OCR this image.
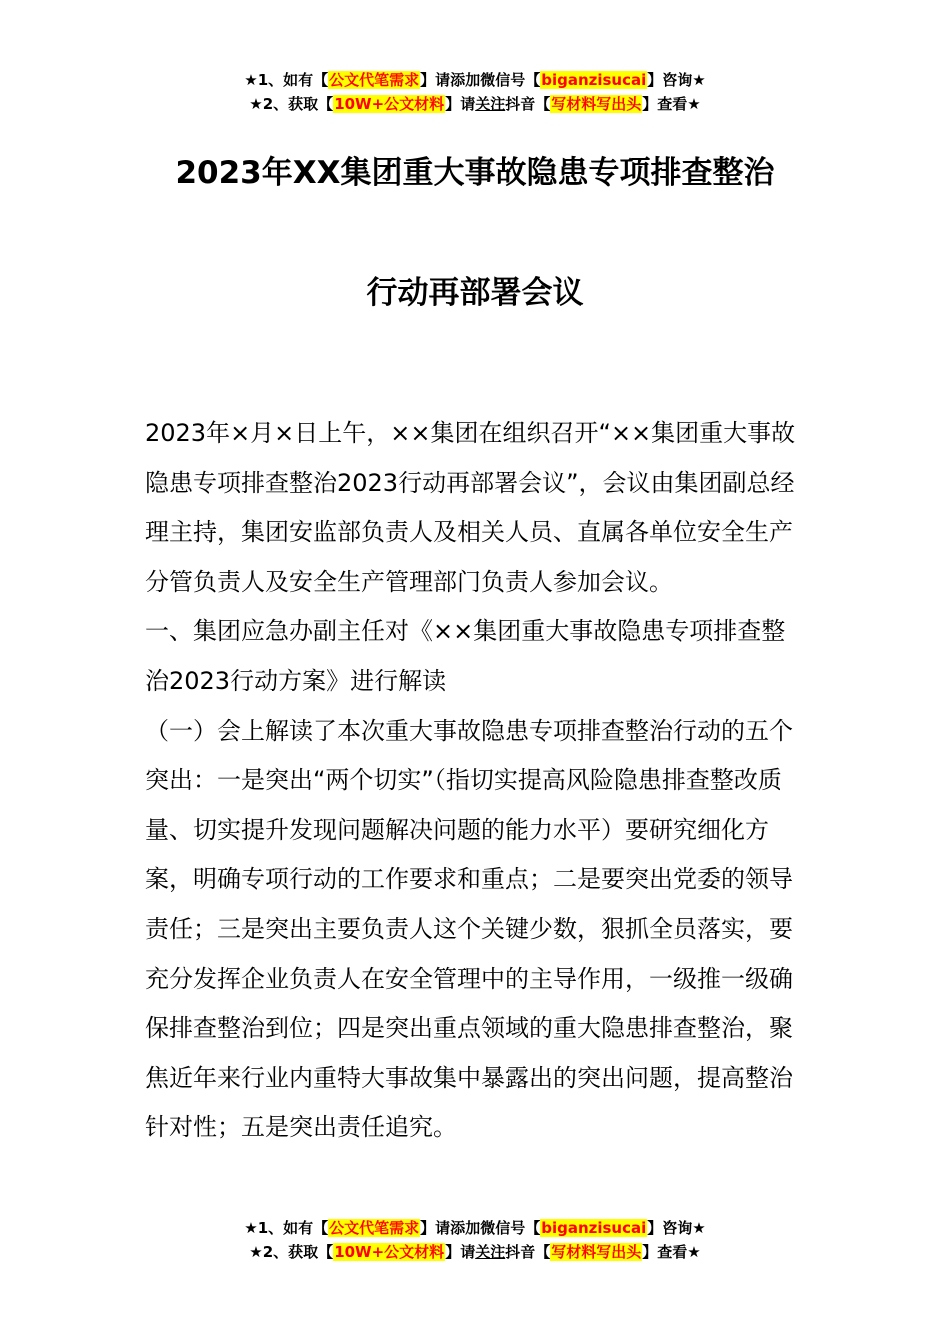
★1、如有【公文代笔需求】请添加微信号【biganzisucai】咨询★
★2、获取【10W+公文材料】请关注抖音【写材料写出头】查看★
2023年XX集团重大事故隐患专项排查整治
行动再部署会议

2023年×月×日上午，××集团在组织召开“××集团重大事故隐患专项排查整治2023行动再部署会议”，会议由集团副总经理主持，集团安监部负责人及相关人员、直属各单位安全生产分管负责人及安全生产管理部门负责人参加会议。

一、集团应急办副主任对《××集团重大事故隐患专项排查整治2023行动方案》进行解读

（一）会上解读了本次重大事故隐患专项排查整治行动的五个突出：一是突出“两个切实”（指切实提高风险隐患排查整改质量、切实提升发现问题解决问题的能力水平）要研究细化方案，明确专项行动的工作要求和重点；二是要突出党委的领导责任；三是突出主要负责人这个关键少数，狠抓全员落实，要充分发挥企业负责人在安全管理中的主导作用，一级推一级确保排查整治到位；四是突出重点领域的重大隐患排查整治，聚焦近年来行业内重特大事故集中暴露出的突出问题，提高整治针对性；五是突出责任追究。

★1、如有【公文代笔需求】请添加微信号【biganzisucai】咨询★
★2、获取【10W+公文材料】请关注抖音【写材料写出头】查看★
